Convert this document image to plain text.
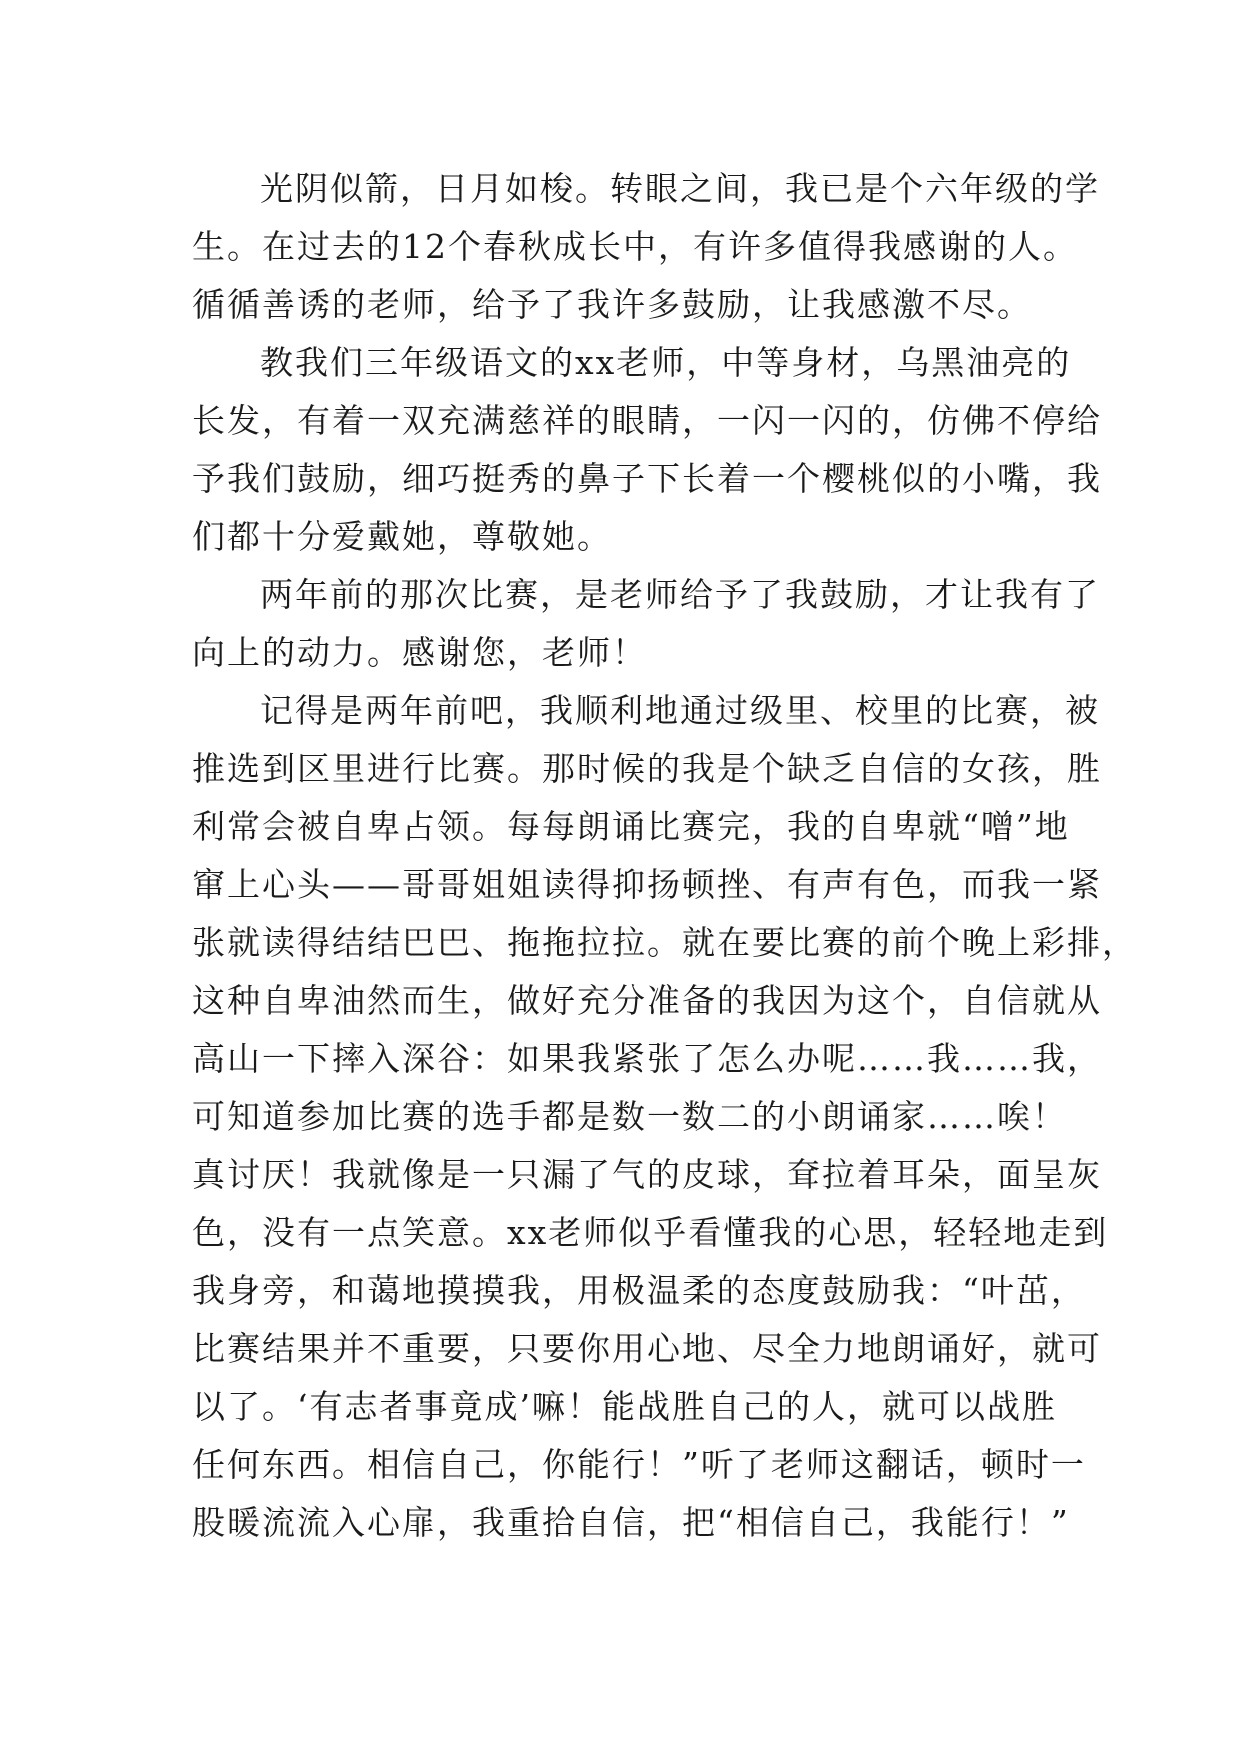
光阴似箭，日月如梭。转眼之间，我已是个六年级的学
生。在过去的12个春秋成长中，有许多值得我感谢的人。
循循善诱的老师，给予了我许多鼓励，让我感激不尽。
教我们三年级语文的xx老师，中等身材，乌黑油亮的
长发，有着一双充满慈祥的眼睛，一闪一闪的，仿佛不停给
予我们鼓励，细巧挺秀的鼻子下长着一个樱桃似的小嘴，我
们都十分爱戴她，尊敬她。
两年前的那次比赛，是老师给予了我鼓励，才让我有了
向上的动力。感谢您，老师！
记得是两年前吧，我顺利地通过级里、校里的比赛，被
推选到区里进行比赛。那时候的我是个缺乏自信的女孩，胜
利常会被自卑占领。每每朗诵比赛完，我的自卑就“噌”地
窜上心头——哥哥姐姐读得抑扬顿挫、有声有色，而我一紧
张就读得结结巴巴、拖拖拉拉。就在要比赛的前个晚上彩排，
这种自卑油然而生，做好充分准备的我因为这个，自信就从
高山一下摔入深谷：如果我紧张了怎么办呢……我……我，
可知道参加比赛的选手都是数一数二的小朗诵家……唉！
真讨厌！我就像是一只漏了气的皮球，耷拉着耳朵，面呈灰
色，没有一点笑意。xx老师似乎看懂我的心思，轻轻地走到
我身旁，和蔼地摸摸我，用极温柔的态度鼓励我：“叶茁，
比赛结果并不重要，只要你用心地、尽全力地朗诵好，就可
以了。‘有志者事竟成’嘛！能战胜自己的人，就可以战胜
任何东西。相信自己，你能行！”听了老师这翻话，顿时一
股暖流流入心扉，我重拾自信，把“相信自己，我能行！”
